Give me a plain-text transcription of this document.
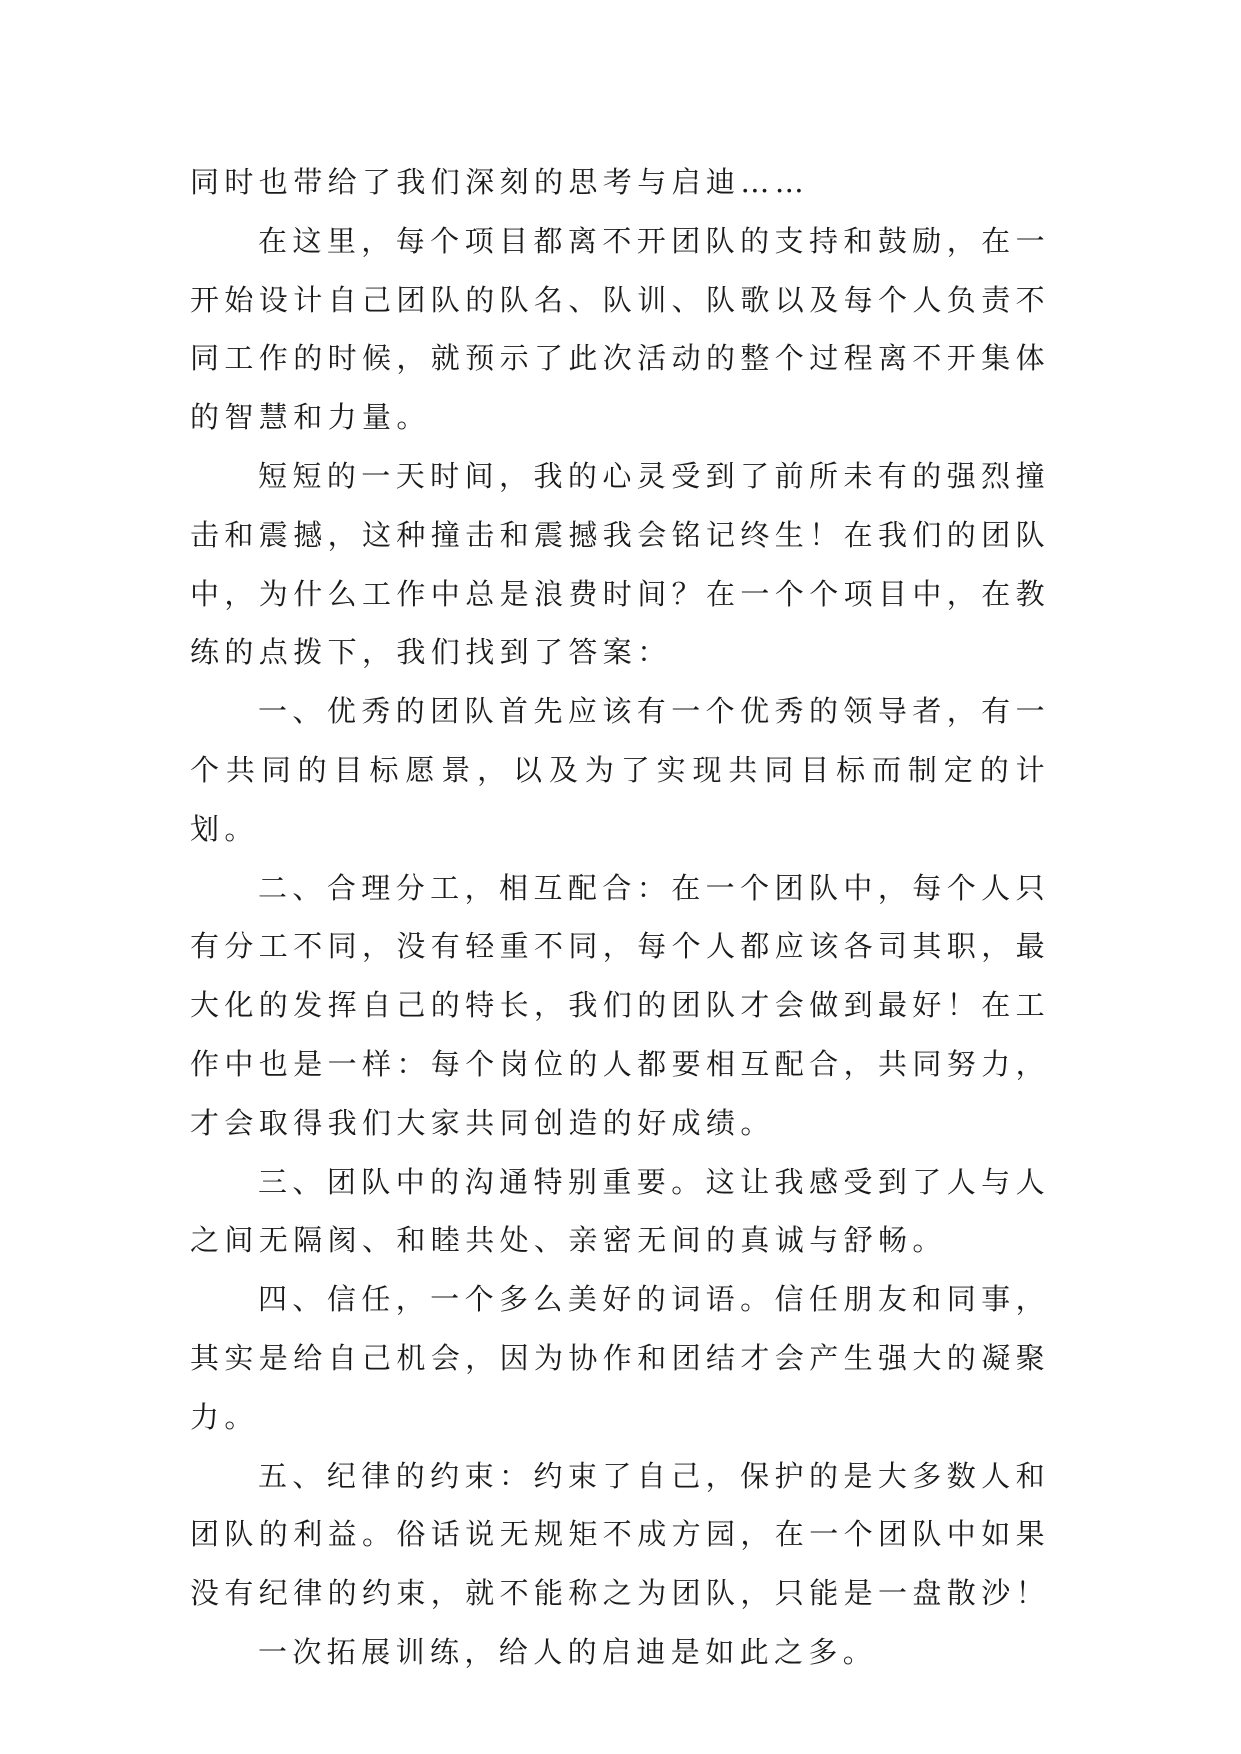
同时也带给了我们深刻的思考与启迪……

在这里，每个项目都离不开团队的支持和鼓励，在一开始设计自己团队的队名、队训、队歌以及每个人负责不同工作的时候，就预示了此次活动的整个过程离不开集体的智慧和力量。

短短的一天时间，我的心灵受到了前所未有的强烈撞击和震撼，这种撞击和震撼我会铭记终生！在我们的团队中，为什么工作中总是浪费时间？在一个个项目中，在教练的点拨下，我们找到了答案：

一、优秀的团队首先应该有一个优秀的领导者，有一个共同的目标愿景，以及为了实现共同目标而制定的计划。

二、合理分工，相互配合：在一个团队中，每个人只有分工不同，没有轻重不同，每个人都应该各司其职，最大化的发挥自己的特长，我们的团队才会做到最好！在工作中也是一样：每个岗位的人都要相互配合，共同努力，才会取得我们大家共同创造的好成绩。

三、团队中的沟通特别重要。这让我感受到了人与人之间无隔阂、和睦共处、亲密无间的真诚与舒畅。

四、信任，一个多么美好的词语。信任朋友和同事，其实是给自己机会，因为协作和团结才会产生强大的凝聚力。

五、纪律的约束：约束了自己，保护的是大多数人和团队的利益。俗话说无规矩不成方园，在一个团队中如果没有纪律的约束，就不能称之为团队，只能是一盘散沙！

一次拓展训练，给人的启迪是如此之多。
